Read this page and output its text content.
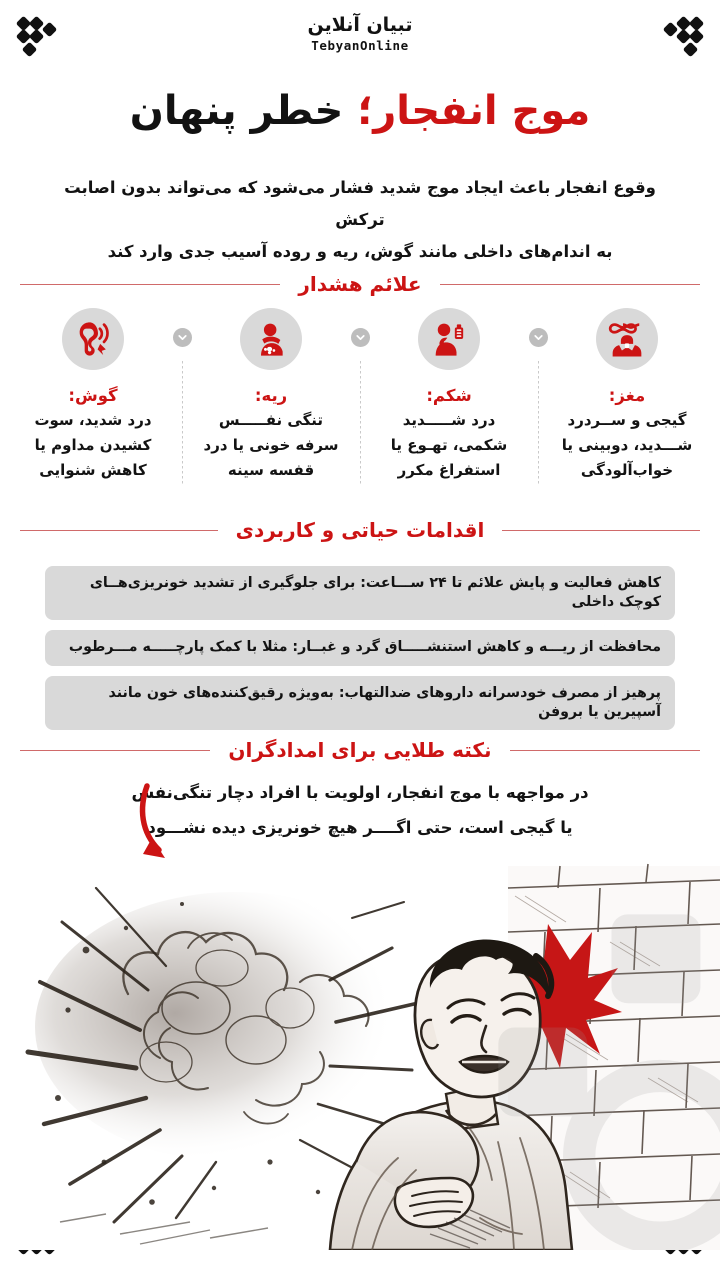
تبیان آنلاین
TebyanOnline
موج انفجار؛ خطر پنهان
وقوع انفجار باعث ایجاد موج شدید فشار می‌شود که می‌تواند بدون اصابت ترکش
به اندام‌های داخلی مانند گوش، ریه و روده آسیب جدی وارد کند
علائم هشدار
گوش:
درد شدید، سوت
کشیدن مداوم یا
کاهش شنوایی
ریه:
تنگی نفـــــس
سرفه خونی یا درد
قفسه سینه
شکم:
درد شـــــدید
شکمی، تهـوع یا
استفراغ مکرر
مغز:
گیجی و ســردرد
شـــدید، دوبینی یا
خواب‌آلودگی
اقدامات حیاتی و کاربردی
کاهش فعالیت و پایش علائم تا ۲۴ ســـاعت: برای جلوگیری از تشدید خونریزی‌هــای کوچک داخلی
محافظت از ریـــه و کاهش استنشـــــاق گرد و غبــار: مثلا با کمک پارچـــــه مـــرطوب
پرهیز از مصرف خودسرانه داروهای ضدالتهاب: به‌ویژه رقیق‌کننده‌های خون مانند آسپیرین یا بروفن
نکته طلایی برای امدادگران
در مواجهه با موج انفجار، اولویت با افراد دچار تنگی‌نفس
یا گیجی است، حتی اگــــر هیچ خونریزی دیده نشـــود
